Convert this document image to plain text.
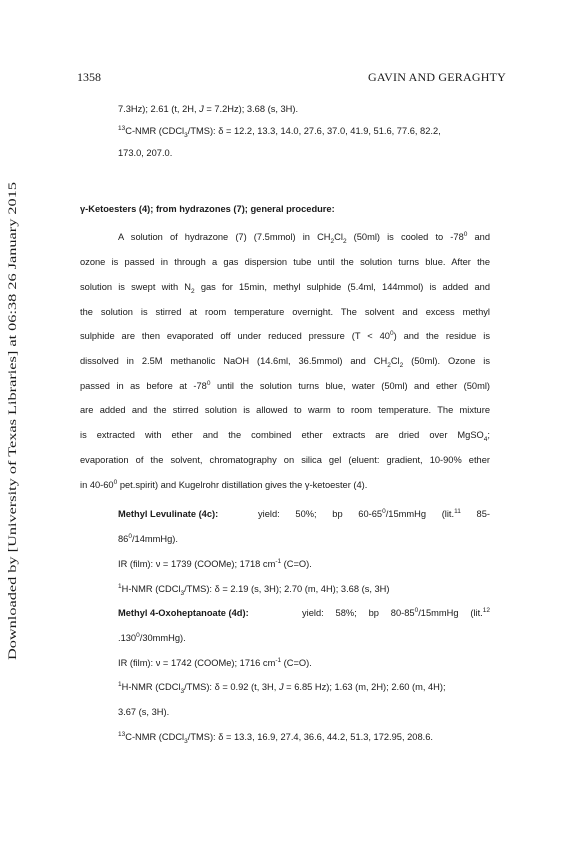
Downloaded by [University of Texas Libraries] at 06:38 26 January 2015
1358	GAVIN AND GERAGHTY
7.3Hz); 2.61 (t, 2H, J = 7.2Hz); 3.68 (s, 3H).
$^{13}$C-NMR (CDCl$_3$/TMS): δ = 12.2, 13.3, 14.0, 27.6, 37.0, 41.9, 51.6, 77.6, 82.2,
173.0, 207.0.
γ-Ketoesters (4); from hydrazones (7); general procedure:
A solution of hydrazone (7) (7.5mmol) in $CH_2Cl_2$ (50ml) is cooled to $-78^0$ and
ozone is passed in through a gas dispersion tube until the solution turns blue. After the
solution is swept with $N_2$ gas for 15min, methyl sulphide (5.4ml, 144mmol) is added and
the solution is stirred at room temperature overnight. The solvent and excess methyl
sulphide are then evaporated off under reduced pressure $(T < 40^0)$ and the residue is
dissolved in 2.5M methanolic NaOH (14.6ml, 36.5mmol) and $CH_2Cl_2$ (50ml). Ozone is
passed in as before at $-78^0$ until the solution turns blue, water (50ml) and ether (50ml)
are added and the stirred solution is allowed to warm to room temperature. The mixture
is extracted with ether and the combined ether extracts are dried over MgSO$_4$;
evaporation of the solvent, chromatography on silica gel (eluent: gradient, 10-90% ether
in $40-60^0$ pet.spirit) and Kugelrohr distillation gives the γ-ketoester (4).
Methyl Levulinate (4c):	yield: 50%; bp $60-65^0/15mmHg$ (lit.$^{11}$ 85-
$86^0/14mmHg$).
IR (film): ν = 1739 (COOMe); 1718 $cm^{-1}$ (C=O).
$^1$H-NMR (CDCl$_3$/TMS): δ = 2.19 (s, 3H); 2.70 (m, 4H); 3.68 (s, 3H)
Methyl 4-Oxoheptanoate (4d):	yield: 58%; bp $80-85^0/15mmHg$ (lit.$^{12}$
.130$^0$/30mmHg).
IR (film): ν = 1742 (COOMe); 1716 $cm^{-1}$ (C=O).
$^1$H-NMR (CDCl$_3$/TMS): δ = 0.92 (t, 3H, J = 6.85 Hz); 1.63 (m, 2H); 2.60 (m, 4H);
3.67 (s, 3H).
$^{13}$C-NMR (CDCl$_3$/TMS): δ = 13.3, 16.9, 27.4, 36.6, 44.2, 51.3, 172.95, 208.6.
